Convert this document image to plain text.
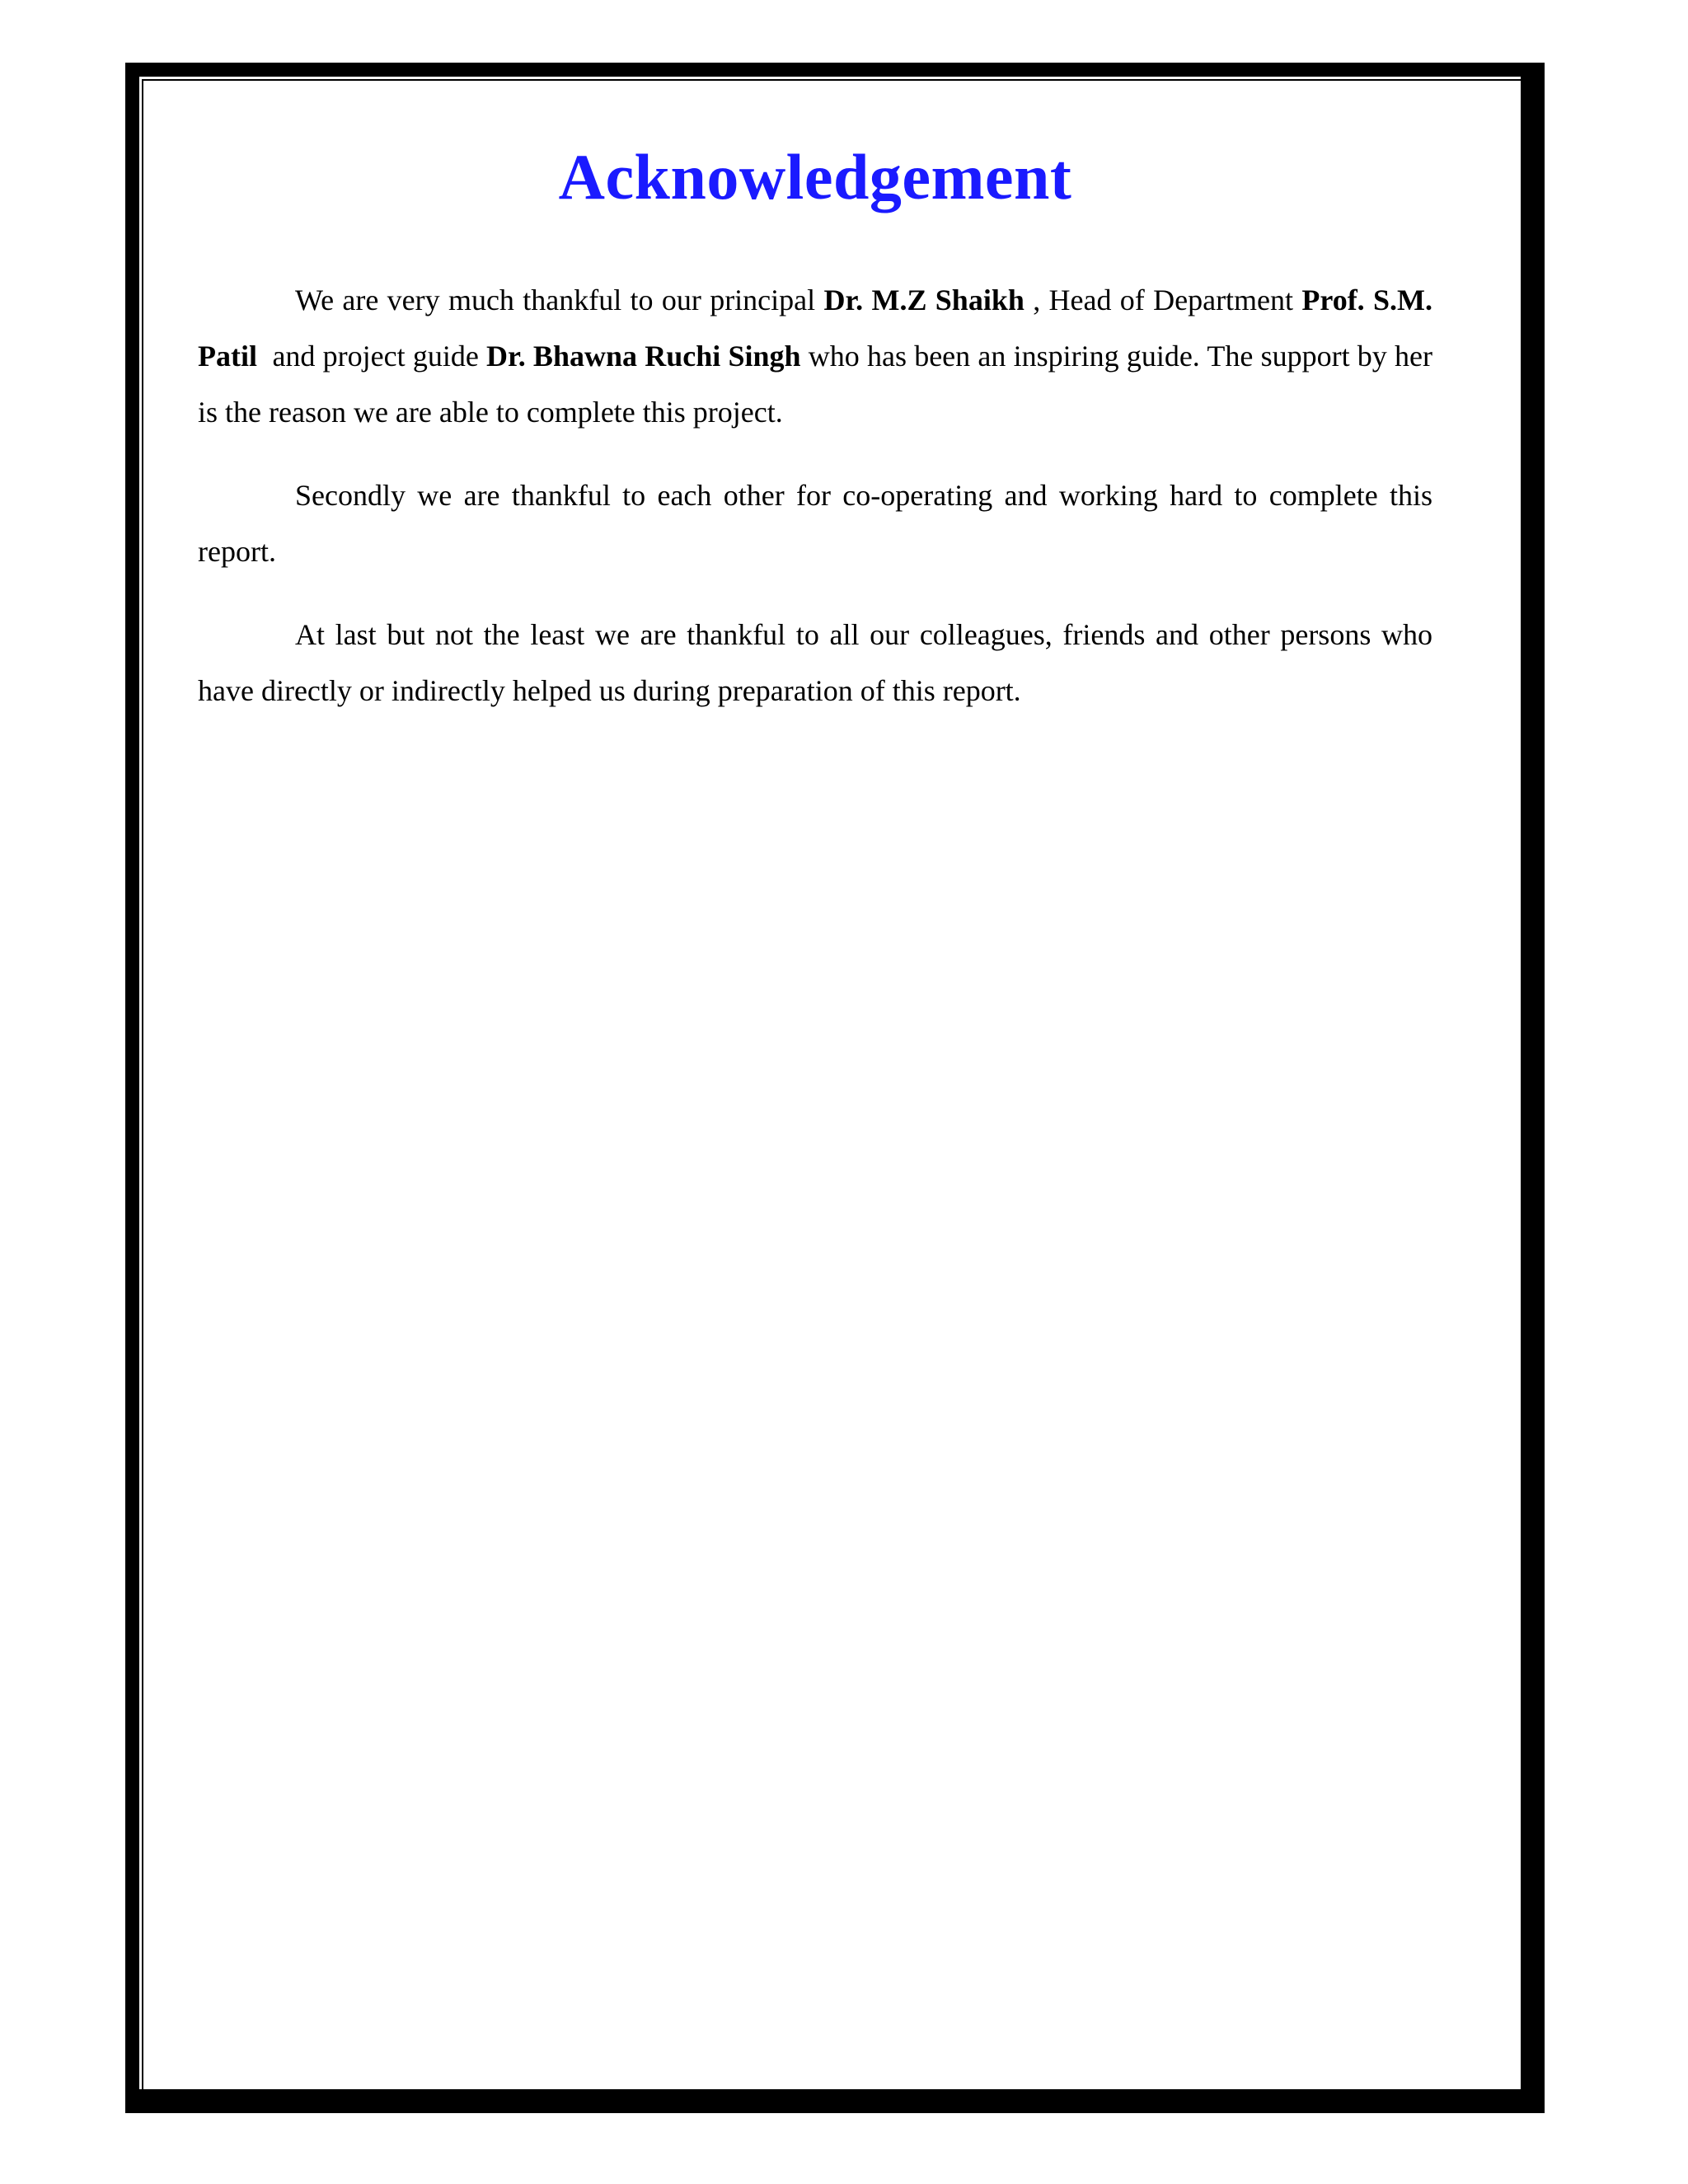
Acknowledgement

We are very much thankful to our principal Dr. M.Z Shaikh , Head of Department Prof. S.M. Patil  and project guide Dr. Bhawna Ruchi Singh who has been an inspiring guide. The support by her is the reason we are able to complete this project.

Secondly we are thankful to each other for co-operating and working hard to complete this report.

At last but not the least we are thankful to all our colleagues, friends and other persons who have directly or indirectly helped us during preparation of this report.
